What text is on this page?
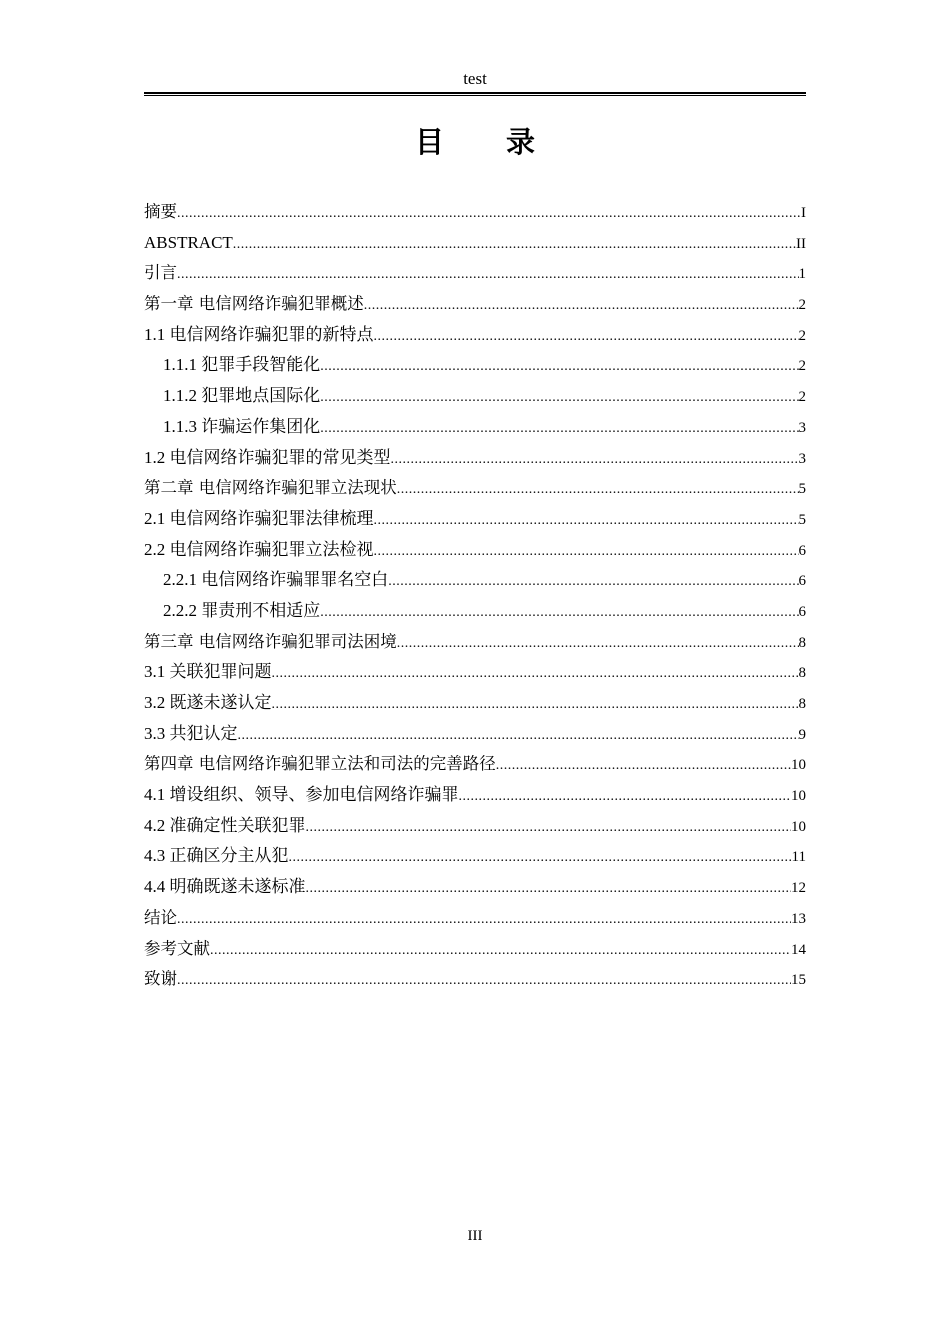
test
目 录
摘要 .....	I
ABSTRACT .....	II
引言 .....	1
第一章 电信网络诈骗犯罪概述 .....	2
1.1 电信网络诈骗犯罪的新特点 .....	2
1.1.1 犯罪手段智能化 .....	2
1.1.2 犯罪地点国际化 .....	2
1.1.3 诈骗运作集团化 .....	3
1.2 电信网络诈骗犯罪的常见类型 .....	3
第二章 电信网络诈骗犯罪立法现状 .....	5
2.1 电信网络诈骗犯罪法律梳理 .....	5
2.2 电信网络诈骗犯罪立法检视 .....	6
2.2.1 电信网络诈骗罪罪名空白 .....	6
2.2.2 罪责刑不相适应 .....	6
第三章 电信网络诈骗犯罪司法困境 .....	8
3.1 关联犯罪问题 .....	8
3.2 既遂未遂认定 .....	8
3.3 共犯认定 .....	9
第四章 电信网络诈骗犯罪立法和司法的完善路径 .....	10
4.1 增设组织、领导、参加电信网络诈骗罪 .....	10
4.2 准确定性关联犯罪 .....	10
4.3 正确区分主从犯 .....	11
4.4 明确既遂未遂标准 .....	12
结论 .....	13
参考文献 .....	14
致谢 .....	15
III
